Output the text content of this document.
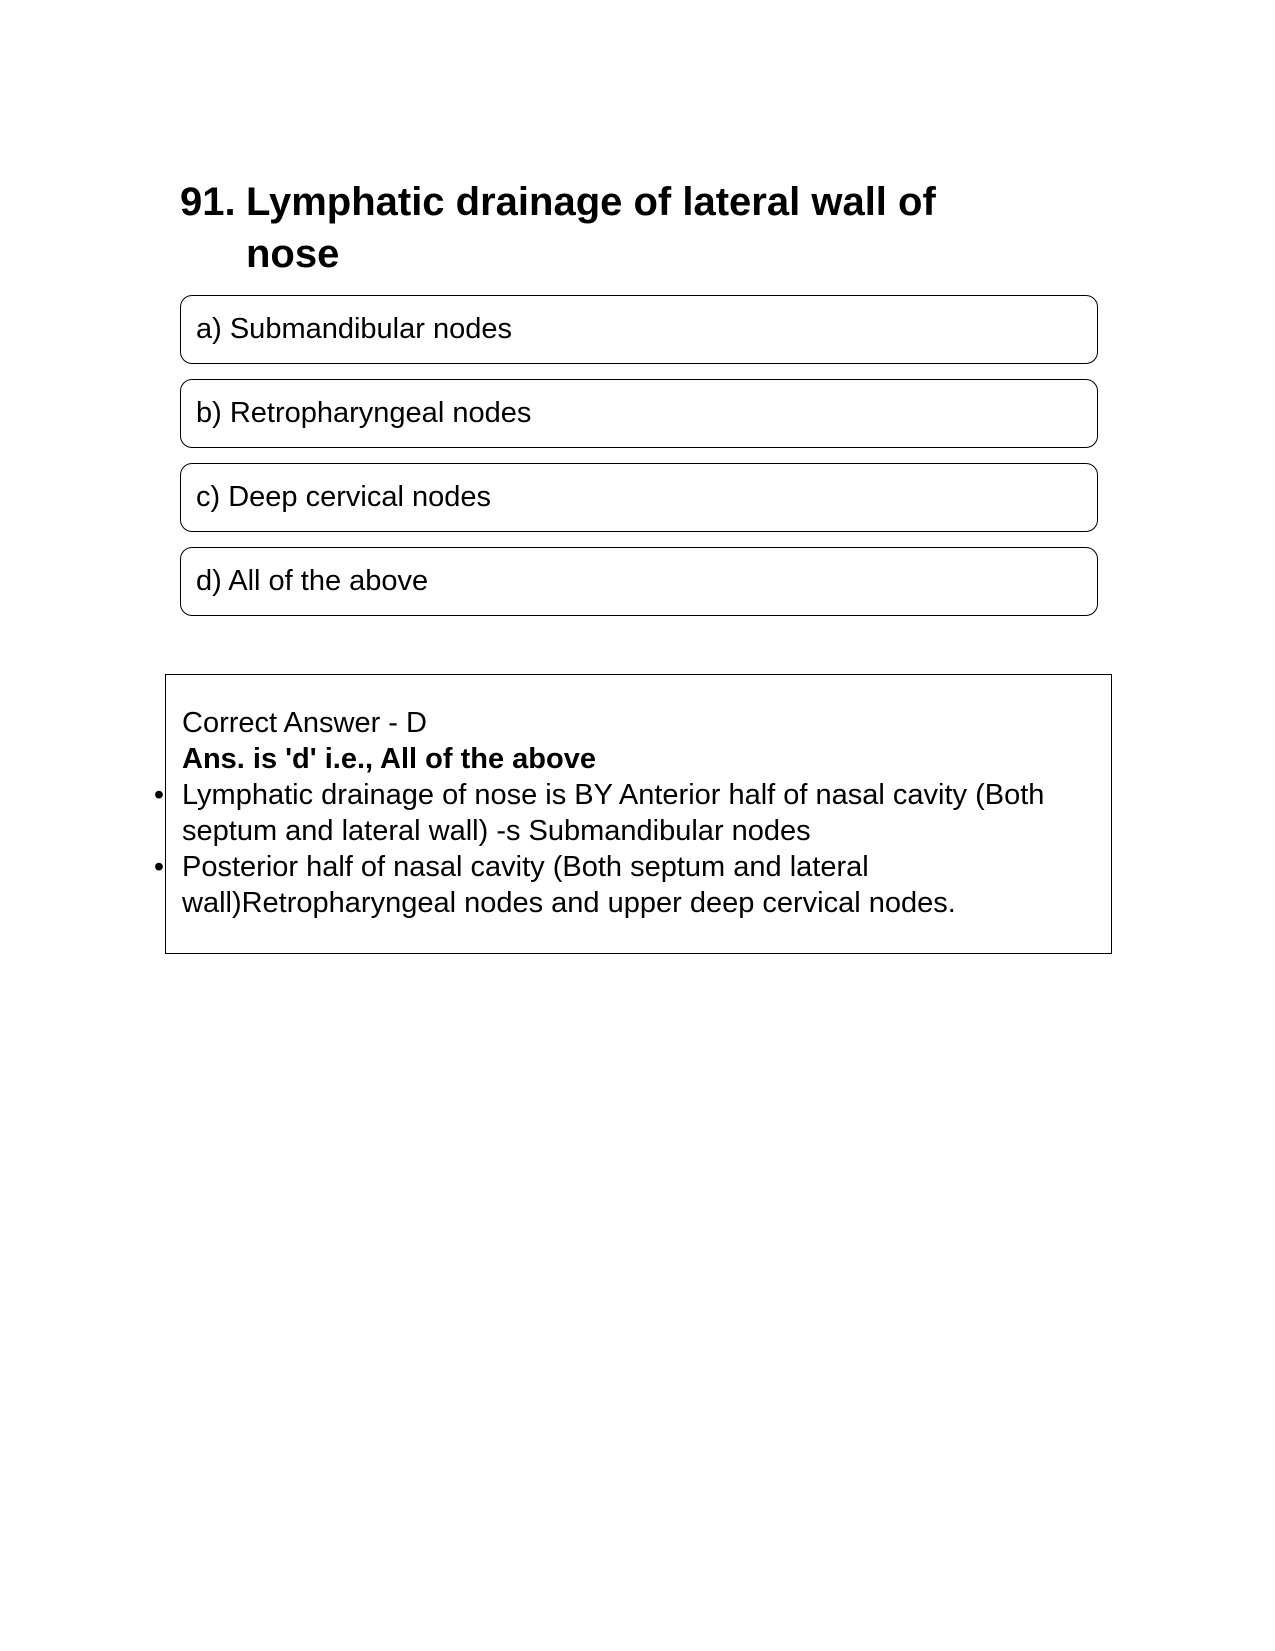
91. Lymphatic drainage of lateral wall of nose
a) Submandibular nodes
b) Retropharyngeal nodes
c) Deep cervical nodes
d) All of the above

Correct Answer - D

Ans. is 'd' i.e., All of the above

• Lymphatic drainage of nose is BY Anterior half of nasal cavity (Both septum and lateral wall) -s Submandibular nodes
• Posterior half of nasal cavity (Both septum and lateral wall)Retropharyngeal nodes and upper deep cervical nodes.
